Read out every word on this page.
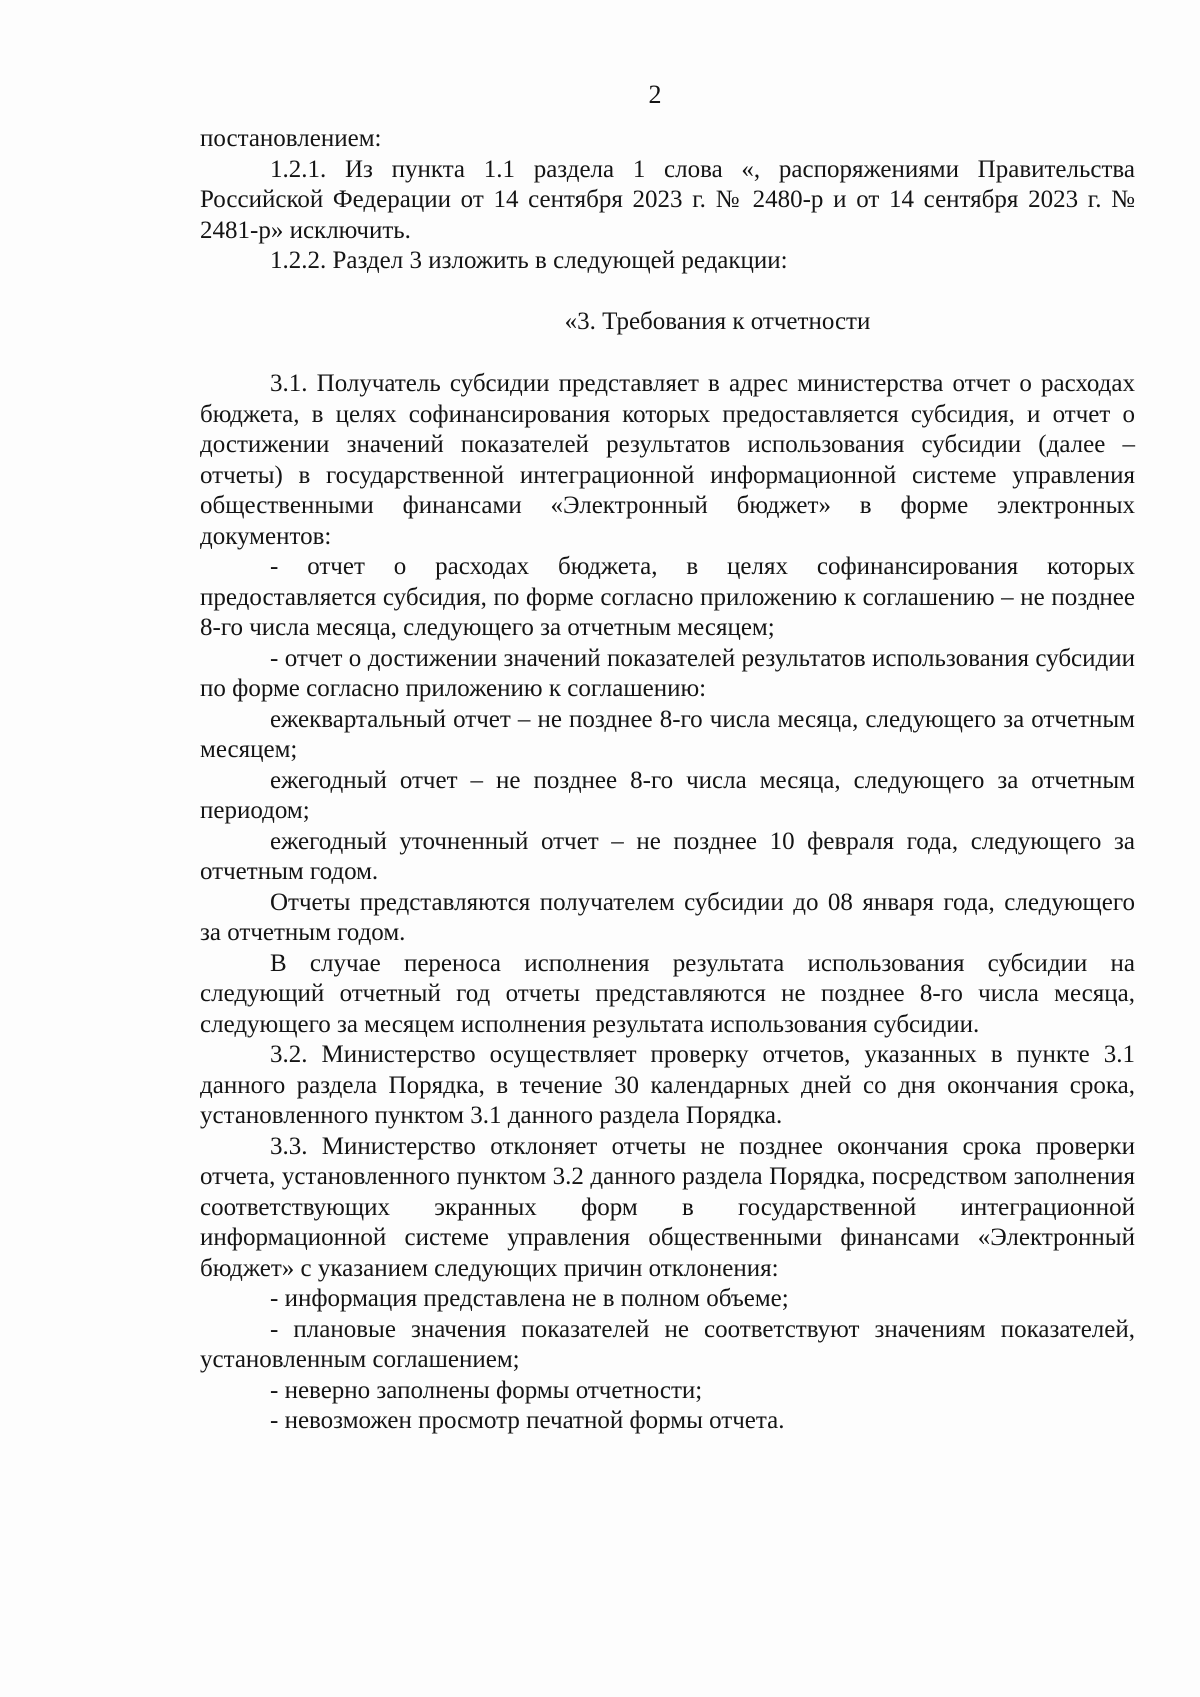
2

постановлением:

1.2.1. Из пункта 1.1 раздела 1 слова «, распоряжениями Правительства Российской Федерации от 14 сентября 2023 г. № 2480-р и от 14 сентября 2023 г. № 2481-р» исключить.

1.2.2. Раздел 3 изложить в следующей редакции:

«3. Требования к отчетности

3.1. Получатель субсидии представляет в адрес министерства отчет о расходах бюджета, в целях софинансирования которых предоставляется субсидия, и отчет о достижении значений показателей результатов использования субсидии (далее – отчеты) в государственной интеграционной информационной системе управления общественными финансами «Электронный бюджет» в форме электронных документов:

- отчет о расходах бюджета, в целях софинансирования которых предоставляется субсидия, по форме согласно приложению к соглашению – не позднее 8-го числа месяца, следующего за отчетным месяцем;

- отчет о достижении значений показателей результатов использования субсидии по форме согласно приложению к соглашению:

ежеквартальный отчет – не позднее 8-го числа месяца, следующего за отчетным месяцем;

ежегодный отчет – не позднее 8-го числа месяца, следующего за отчетным периодом;

ежегодный уточненный отчет – не позднее 10 февраля года, следующего за отчетным годом.

Отчеты представляются получателем субсидии до 08 января года, следующего за отчетным годом.

В случае переноса исполнения результата использования субсидии на следующий отчетный год отчеты представляются не позднее 8-го числа месяца, следующего за месяцем исполнения результата использования субсидии.

3.2. Министерство осуществляет проверку отчетов, указанных в пункте 3.1 данного раздела Порядка, в течение 30 календарных дней со дня окончания срока, установленного пунктом 3.1 данного раздела Порядка.

3.3. Министерство отклоняет отчеты не позднее окончания срока проверки отчета, установленного пунктом 3.2 данного раздела Порядка, посредством заполнения соответствующих экранных форм в государственной интеграционной информационной системе управления общественными финансами «Электронный бюджет» с указанием следующих причин отклонения:

- информация представлена не в полном объеме;

- плановые значения показателей не соответствуют значениям показателей, установленным соглашением;

- неверно заполнены формы отчетности;

- невозможен просмотр печатной формы отчета.
